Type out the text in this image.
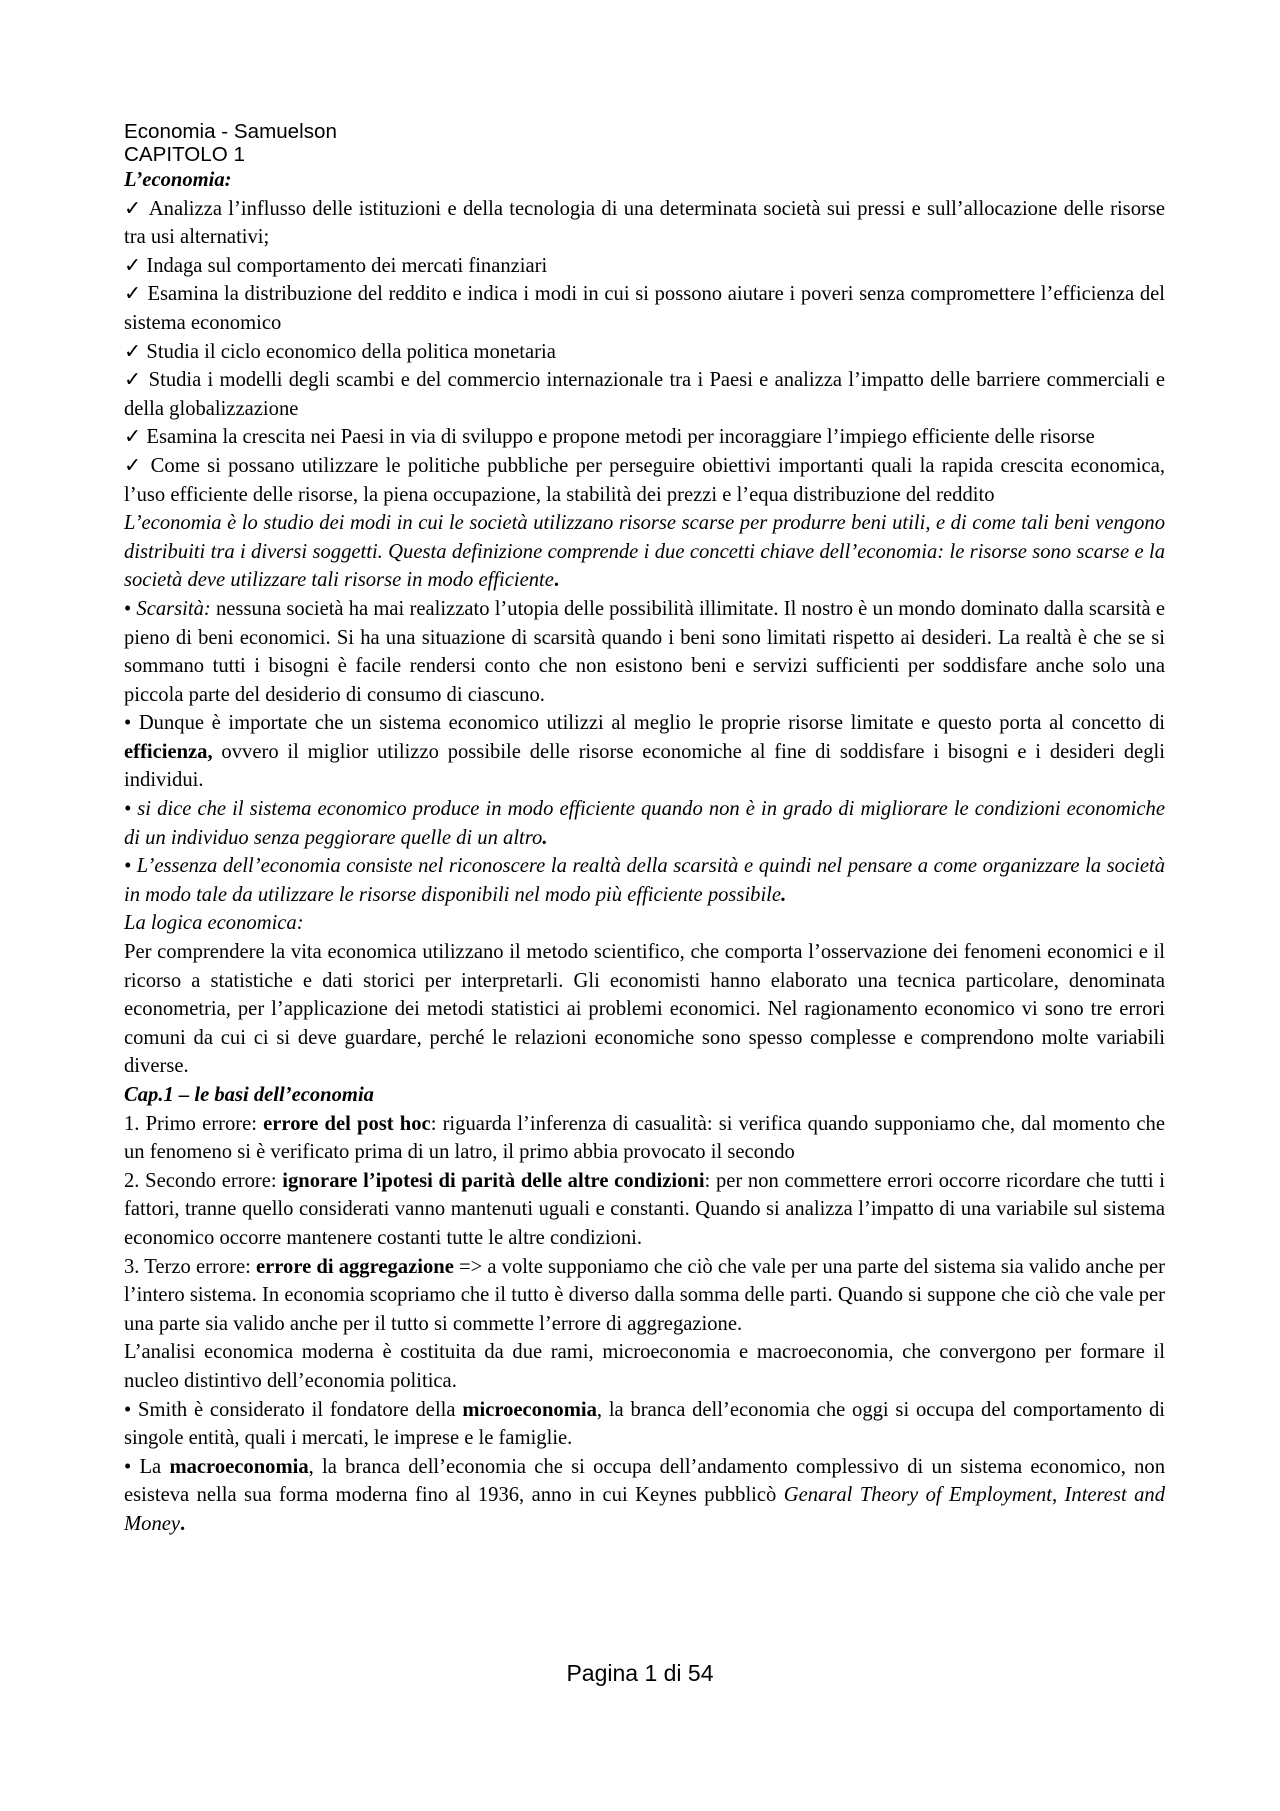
Economia - Samuelson

CAPITOLO 1

L’economia:

✓ Analizza l’influsso delle istituzioni e della tecnologia di una determinata società sui pressi e sull’allocazione delle risorse tra usi alternativi;

✓ Indaga sul comportamento dei mercati finanziari

✓ Esamina la distribuzione del reddito e indica i modi in cui si possono aiutare i poveri senza compromettere l’efficienza del sistema economico

✓ Studia il ciclo economico della politica monetaria

✓ Studia i modelli degli scambi e del commercio internazionale tra i Paesi e analizza l’impatto delle barriere commerciali e della globalizzazione

✓ Esamina la crescita nei Paesi in via di sviluppo e propone metodi per incoraggiare l’impiego efficiente delle risorse

✓ Come si possano utilizzare le politiche pubbliche per perseguire obiettivi importanti quali la rapida crescita economica, l’uso efficiente delle risorse, la piena occupazione, la stabilità dei prezzi e l’equa distribuzione del reddito

L’economia è lo studio dei modi in cui le società utilizzano risorse scarse per produrre beni utili, e di come tali beni vengono distribuiti tra i diversi soggetti. Questa definizione comprende i due concetti chiave dell’economia: le risorse sono scarse e la società deve utilizzare tali risorse in modo efficiente.

• Scarsità: nessuna società ha mai realizzato l’utopia delle possibilità illimitate. Il nostro è un mondo dominato dalla scarsità e pieno di beni economici. Si ha una situazione di scarsità quando i beni sono limitati rispetto ai desideri. La realtà è che se si sommano tutti i bisogni è facile rendersi conto che non esistono beni e servizi sufficienti per soddisfare anche solo una piccola parte del desiderio di consumo di ciascuno.

• Dunque è importate che un sistema economico utilizzi al meglio le proprie risorse limitate e questo porta al concetto di efficienza, ovvero il miglior utilizzo possibile delle risorse economiche al fine di soddisfare i bisogni e i desideri degli individui.

• si dice che il sistema economico produce in modo efficiente quando non è in grado di migliorare le condizioni economiche di un individuo senza peggiorare quelle di un altro.

• L’essenza dell’economia consiste nel riconoscere la realtà della scarsità e quindi nel pensare a come organizzare la società in modo tale da utilizzare le risorse disponibili nel modo più efficiente possibile.

La logica economica:

Per comprendere la vita economica utilizzano il metodo scientifico, che comporta l’osservazione dei fenomeni economici e il ricorso a statistiche e dati storici per interpretarli. Gli economisti hanno elaborato una tecnica particolare, denominata econometria, per l’applicazione dei metodi statistici ai problemi economici. Nel ragionamento economico vi sono tre errori comuni da cui ci si deve guardare, perché le relazioni economiche sono spesso complesse e comprendono molte variabili diverse.

Cap.1 – le basi dell’economia

1. Primo errore: errore del post hoc: riguarda l’inferenza di casualità: si verifica quando supponiamo che, dal momento che un fenomeno si è verificato prima di un latro, il primo abbia provocato il secondo

2. Secondo errore: ignorare l’ipotesi di parità delle altre condizioni: per non commettere errori occorre ricordare che tutti i fattori, tranne quello considerati vanno mantenuti uguali e constanti. Quando si analizza l’impatto di una variabile sul sistema economico occorre mantenere costanti tutte le altre condizioni.

3. Terzo errore: errore di aggregazione => a volte supponiamo che ciò che vale per una parte del sistema sia valido anche per l’intero sistema. In economia scopriamo che il tutto è diverso dalla somma delle parti. Quando si suppone che ciò che vale per una parte sia valido anche per il tutto si commette l’errore di aggregazione.

L’analisi economica moderna è costituita da due rami, microeconomia e macroeconomia, che convergono per formare il nucleo distintivo dell’economia politica.

• Smith è considerato il fondatore della microeconomia, la branca dell’economia che oggi si occupa del comportamento di singole entità, quali i mercati, le imprese e le famiglie.

• La macroeconomia, la branca dell’economia che si occupa dell’andamento complessivo di un sistema economico, non esisteva nella sua forma moderna fino al 1936, anno in cui Keynes pubblicò Genaral Theory of Employment, Interest and Money.

Pagina 1 di 54
